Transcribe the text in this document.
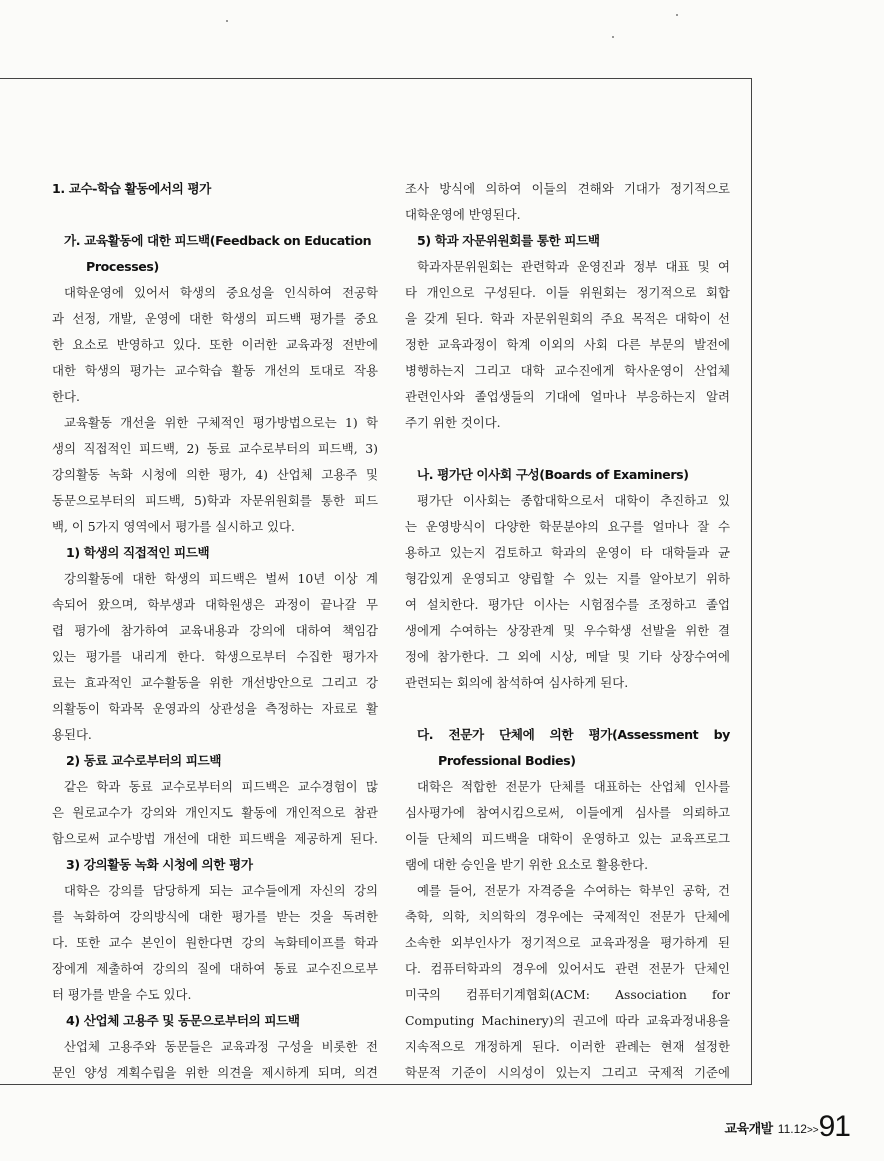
1. 교수-학습 활동에서의 평가
가. 교육활동에 대한 피드백(Feedback on Education
Processes)
대학운영에 있어서 학생의 중요성을 인식하여 전공학
과 선정, 개발, 운영에 대한 학생의 피드백 평가를 중요
한 요소로 반영하고 있다. 또한 이러한 교육과정 전반에
대한 학생의 평가는 교수학습 활동 개선의 토대로 작용
한다.
교육활동 개선을 위한 구체적인 평가방법으로는 1) 학
생의 직접적인 피드백, 2) 동료 교수로부터의 피드백, 3)
강의활동 녹화 시청에 의한 평가, 4) 산업체 고용주 및
동문으로부터의 피드백, 5)학과 자문위원회를 통한 피드
백, 이 5가지 영역에서 평가를 실시하고 있다.
1) 학생의 직접적인 피드백
강의활동에 대한 학생의 피드백은 벌써 10년 이상 계
속되어 왔으며, 학부생과 대학원생은 과정이 끝나갈 무
렵 평가에 참가하여 교육내용과 강의에 대하여 책임감
있는 평가를 내리게 한다. 학생으로부터 수집한 평가자
료는 효과적인 교수활동을 위한 개선방안으로 그리고 강
의활동이 학과목 운영과의 상관성을 측정하는 자료로 활
용된다.
2) 동료 교수로부터의 피드백
같은 학과 동료 교수로부터의 피드백은 교수경험이 많
은 원로교수가 강의와 개인지도 활동에 개인적으로 참관
함으로써 교수방법 개선에 대한 피드백을 제공하게 된다.
3) 강의활동 녹화 시청에 의한 평가
대학은 강의를 담당하게 되는 교수들에게 자신의 강의
를 녹화하여 강의방식에 대한 평가를 받는 것을 독려한
다. 또한 교수 본인이 원한다면 강의 녹화테이프를 학과
장에게 제출하여 강의의 질에 대하여 동료 교수진으로부
터 평가를 받을 수도 있다.
4) 산업체 고용주 및 동문으로부터의 피드백
산업체 고용주와 동문들은 교육과정 구성을 비롯한 전
문인 양성 계획수립을 위한 의견을 제시하게 되며, 의견
조사 방식에 의하여 이들의 견해와 기대가 정기적으로
대학운영에 반영된다.
5) 학과 자문위원회를 통한 피드백
학과자문위원회는 관련학과 운영진과 정부 대표 및 여
타 개인으로 구성된다. 이들 위원회는 정기적으로 회합
을 갖게 된다. 학과 자문위원회의 주요 목적은 대학이 선
정한 교육과정이 학계 이외의 사회 다른 부문의 발전에
병행하는지 그리고 대학 교수진에게 학사운영이 산업체
관련인사와 졸업생들의 기대에 얼마나 부응하는지 알려
주기 위한 것이다.
나. 평가단 이사회 구성(Boards of Examiners)
평가단 이사회는 종합대학으로서 대학이 추진하고 있
는 운영방식이 다양한 학문분야의 요구를 얼마나 잘 수
용하고 있는지 검토하고 학과의 운영이 타 대학들과 균
형감있게 운영되고 양립할 수 있는 지를 알아보기 위하
여 설치한다. 평가단 이사는 시험점수를 조정하고 졸업
생에게 수여하는 상장관계 및 우수학생 선발을 위한 결
정에 참가한다. 그 외에 시상, 메달 및 기타 상장수여에
관련되는 회의에 참석하여 심사하게 된다.
다. 전문가 단체에 의한 평가(Assessment by
Professional Bodies)
대학은 적합한 전문가 단체를 대표하는 산업체 인사를
심사평가에 참여시킴으로써, 이들에게 심사를 의뢰하고
이들 단체의 피드백을 대학이 운영하고 있는 교육프로그
램에 대한 승인을 받기 위한 요소로 활용한다.
예를 들어, 전문가 자격증을 수여하는 학부인 공학, 건
축학, 의학, 치의학의 경우에는 국제적인 전문가 단체에
소속한 외부인사가 정기적으로 교육과정을 평가하게 된
다. 컴퓨터학과의 경우에 있어서도 관련 전문가 단체인
미국의 컴퓨터기계협회(ACM: Association for
Computing Machinery)의 권고에 따라 교육과정내용을
지속적으로 개정하게 된다. 이러한 관례는 현재 설정한
학문적 기준이 시의성이 있는지 그리고 국제적 기준에
교육개발 11.12>>91
